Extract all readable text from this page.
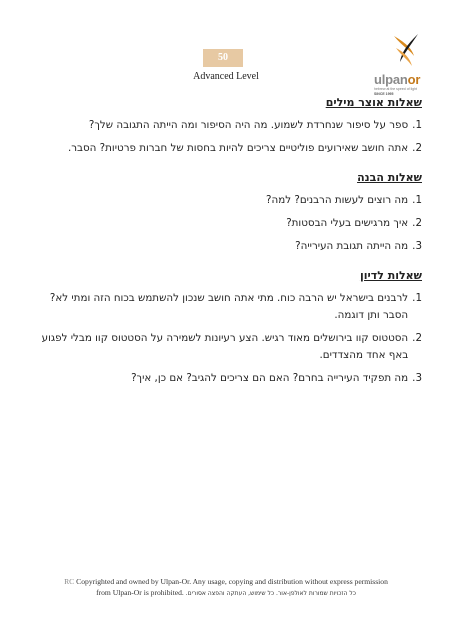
ulpanor
hebrew at the speed of light
SINCE 1995
50
Advanced Level
שאלות אוצר מילים
1.
ספר על סיפור שנחרדת לשמוע. מה היה הסיפור ומה הייתה התגובה שלך?
2.
אתה חושב שאירועים פוליטיים צריכים להיות בחסות של חברות פרטיות? הסבר.
שאלות הבנה
1.
מה רוצים לעשות הרבנים? למה?
2.
איך מרגישים בעלי הבסטות?
3.
מה הייתה תגובת העירייה?
שאלות לדיון
1.
לרבנים בישראל יש הרבה כוח. מתי אתה חושב שנכון להשתמש בכוח הזה ומתי לא? הסבר ותן דוגמה.
2.
הסטטוס קוו בירושלים מאוד רגיש. הצע רעיונות לשמירה על הסטטוס קוו מבלי לפגוע באף אחד מהצדדים.
3.
מה תפקיד העירייה בחרם? האם הם צריכים להגיב? אם כן, איך?
RC Copyrighted and owned by Ulpan-Or. Any usage, copying and distribution without express permission
from Ulpan-Or is prohibited. כל הזכויות שמורות לאולפן-אור. כל שימוש, העתקה והפצה אסורים.
